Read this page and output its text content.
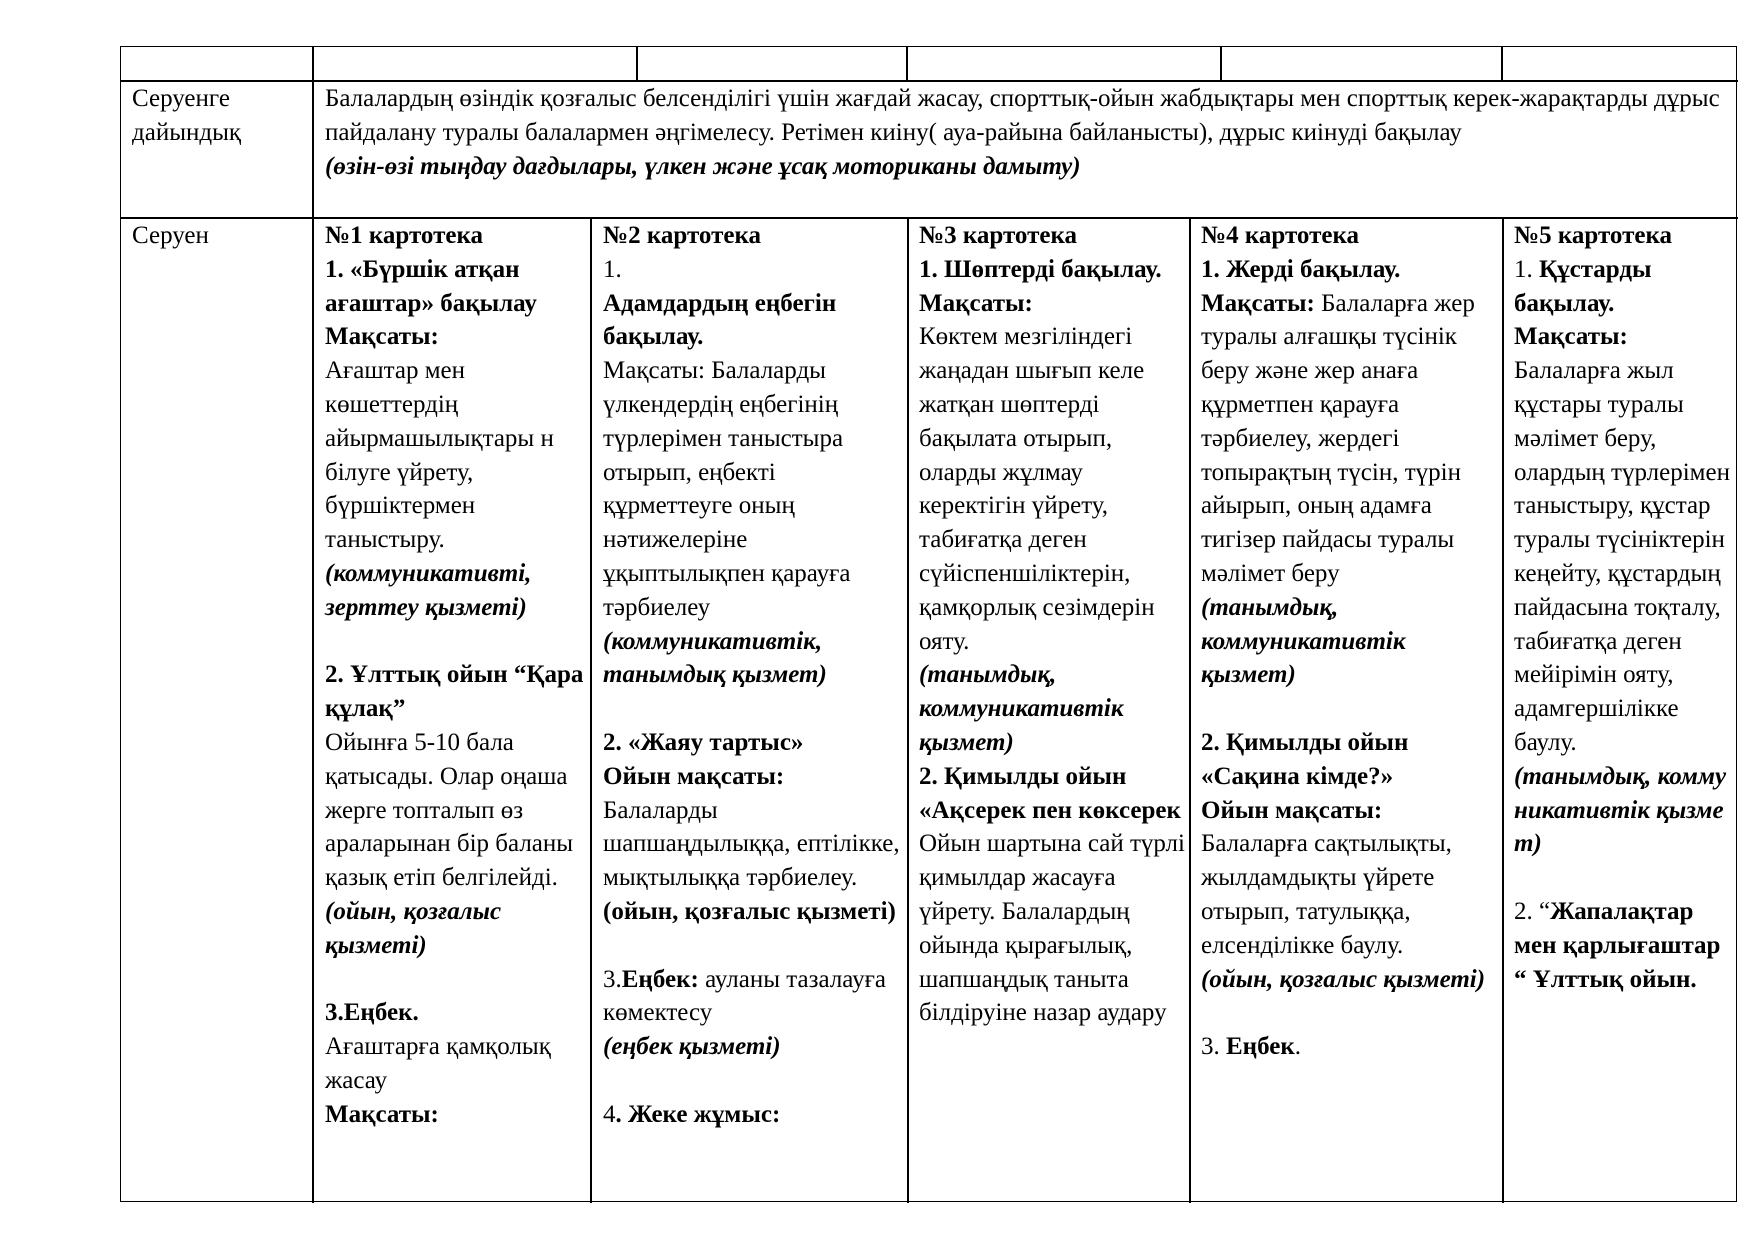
Серуенге дайындық

Балалардың өзіндік қозғалыс белсенділігі үшін жағдай жасау, спорттық-ойын жабдықтары мен спорттық керек-жарақтарды дұрыс пайдалану туралы балалармен әңгімелесу. Ретімен киіну( ауа-райына байланысты), дұрыс киінуді бақылау

(өзін-өзі тыңдау дағдылары, үлкен және ұсақ моториканы дамыту)

Серуен	№1 картотека

1. «Бүршік атқан ағаштар» бақылау

Мақсаты:

Ағаштар мен көшеттердің айырмашылықтары н білуге үйрету, бүршіктермен таныстыру.

(коммуникативті, зерттеу қызметі)

2. Ұлттық ойын “Қара құлақ”

Ойынға 5-10 бала қатысады. Олар оңаша жерге топталып өз араларынан бір баланы қазық етіп белгілейді.

(ойын, қозғалыс қызметі)

3.Еңбек.

Ағаштарға қамқолық жасау

Мақсаты:

№2 картотека

1.

Адамдардың еңбегін бақылау.

Мақсаты: Балаларды үлкендердің еңбегінің түрлерімен таныстыра отырып, еңбекті құрметтеуге оның нәтижелеріне ұқыптылықпен қарауға тәрбиелеу

(коммуникативтік, танымдық қызмет)

2. «Жаяу тартыс»

Ойын мақсаты:

Балаларды шапшаңдылыққа, ептілікке, мықтылыққа тәрбиелеу.

(ойын, қозғалыс қызметі)

3.Еңбек: ауланы тазалауға көмектесу

(еңбек қызметі)

4. Жеке жұмыс:

№3 картотека

1. Шөптерді бақылау.

Мақсаты:

Көктем мезгіліндегі жаңадан шығып келе жатқан шөптерді бақылата отырып, оларды жұлмау керектігін үйрету, табиғатқа деген сүйіспеншіліктерін, қамқорлық сезімдерін ояту.

(танымдық, коммуникативтік қызмет)

2. Қимылды ойын «Ақсерек пен көксерек

Ойын шартына сай түрлі қимылдар жасауға үйрету. Балалардың ойында қырағылық, шапшаңдық таныта білдіруіне назар аудару

№4 картотека

1. Жерді бақылау.

Мақсаты: Балаларға жер туралы алғашқы түсінік беру және жер анаға құрметпен қарауға тәрбиелеу, жердегі топырақтың түсін, түрін айырып, оның адамға тигізер пайдасы туралы мәлімет беру

(танымдық, коммуникативтік қызмет)

2. Қимылды ойын «Сақина кімде?» Ойын мақсаты:

Балаларға сақтылықты, жылдамдықты үйрете отырып, татулыққа, елсенділікке баулу.

(ойын, қозғалыс қызметі)

3. Еңбек.

№5 картотека

1. Құстарды бақылау.

Мақсаты: Балаларға жыл құстары туралы мәлімет беру, олардың түрлерімен таныстыру, құстар туралы түсініктерін кеңейту, құстардың пайдасына тоқталу, табиғатқа деген мейірімін ояту, адамгершілікке баулу.

(танымдық, коммуникативтік қызмет)

2. “Жапалақтар мен қарлығаштар “ Ұлттық ойын.
